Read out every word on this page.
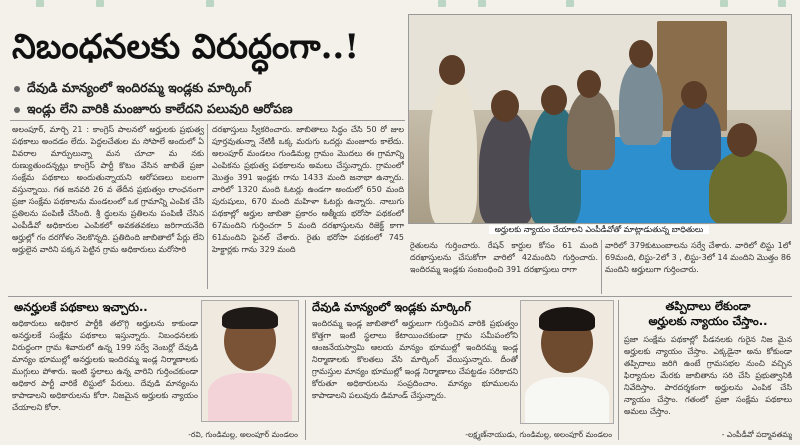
నిబంధనలకు విరుద్ధంగా..!
దేవుడి మాన్యంలో ఇందిరమ్మ ఇండ్లకు మార్కింగ్
ఇండ్లు లేని వారికి మంజూరు కాలేదని పలువురి ఆరోపణ

అలంపూర్, మార్చి 21 : కాంగ్రెస్ పాలనలో అర్హులకు ప్రభుత్వ పథకాలు అందడం లేదు. పెద్దలచేతుల మ సోపాలే అందులో ఏ వివరాల మార్పులున్నా మన చూచా మ నకు రుణ్యుతుందన్నట్లు కాంగ్రెస్ పార్టీ కొటం వేసిన జాబితే ప్రజా సంక్షేమ పథకాలు అందుతున్నాయని ఆరోపణలు బలంగా వస్తున్నాయి. గత జనవరి 26 వ తేదీన ప్రభుత్వం లాంఛనంగా ప్రజా సంక్షేమ పథకాలను మండలంలో ఒక గ్రామాన్ని ఎంపిక చేసి ప్రతిలను పంపిణీ చేసింది. శ్రీ ద్ధులను ప్రతిలను పంపిణీ చేసిన ఎంపీడీవో అధికారుల ఎంపికలో అవకతవకలు జరిగాయనేది అర్హుల్లో గం దరగోళం నెలకొన్నది. ప్రతిదింది జాబితాలో పేర్లు లేని అర్హులైన వారిని పక్కన పెట్టిన గ్రామ అధికారులు మరోసారి

దరఖాస్తులు స్వీకరించారు. జాబితాలు సిద్ధం చేసి 50 రో జుల పూర్తవుతున్నా నేటికీ ఒక్క మరుగు ఒదర్లు మంజూరు కాలేదు. అలంపూర్ మండలం గుండిమల్ల గ్రామం మొదలు ఈ గ్రామాన్ని ఎంపికను ప్రభుత్వ పథకాలను అమలు చేస్తున్నారు. గ్రామంలో మొత్తం 391 ఇండ్లకు గాను 1433 మంది జనాభా ఉన్నారు. వారిలో 1320 మంది ఓటర్లు ఉండగా అందులో 650 మంది పురుషులు, 670 మంది మహిళా ఓటర్లు ఉన్నారు. నాలుగు పథకాల్లో అర్హుల జాబితా ప్రకారం ఆత్మీయ భరోసా పథకంలో 67మందిని గుర్తించగా 5 మంది దరఖాస్తులను రిజెక్ట్ కాగా 61మందిని ఫైనల్ చేశారు. రైతు భరోసా పథకంలో 745 హెక్టార్లకు గాను 329 మంది

అర్హులకు న్యాయం చేయాలని ఎంపీడీవోతో మాట్లాడుతున్న బాధితులు

రైతులను గుర్తించారు. రేషన్ కార్డుల కోసం 61 మంది దరఖాస్తులను చేసుకోగా వారిలో 42మందిని గుర్తించారు. ఇందిరమ్మ ఇండ్లకు సంబంధించి 391 దరఖాస్తులు రాగా

వారిలో 379కుటుంబాలను సర్వే చేశారు. వారిలో లిస్టు 1లో 69మంది, లిస్టు-2లో 3 , లిస్టు-3లో 14 మందిని మొత్తం 86 మందిని అర్హులుగా గుర్తించారు.

అనర్హులకే పథకాలు ఇచ్చారు..

అధికారులు అధికార పార్టీకి తలొగ్గి అర్హులను కాకుండా అనర్హులకే సంక్షేమ పథకాలు ఇస్తున్నారు. నిబంధనలకు విరుద్ధంగా గ్రామ శివారులో ఉన్న 199 సర్వే నెంబర్లో దేవుడి మాన్యం భూముల్లో అనర్హులకు ఇందిరమ్మ ఇండ్ల నిర్మాణాలకు ముగ్గులు పోశారు. ఇంటి స్థలాలు ఉన్న వారిని గుర్తించకుండా అధికార పార్టీ వారికే లిస్టులో పేరులు. దేవుడి మాన్యంను కాపాడాలని అధికారులను కోరా. నిజమైన అర్హులకు న్యాయం చేయాలని కోరా.

-రవి, గుండిమల్ల, అలంపూర్ మండలం
దేవుడి మాన్యంలో ఇండ్లకు మార్కింగ్

ఇందిరమ్మ ఇండ్ల జాబితాలో అర్హులుగా గుర్తించిన వారికి ప్రభుత్వం కొత్తగా ఇంటి స్థలాలు కేటాయించకుండా గ్రామ సమీపంలోని ఆంజనేయస్వామి ఆలయ మాన్యం భూముల్లో ఇందిరమ్మ ఇండ్ల నిర్మాణాలకు కొలతలు వేసి మార్కింగ్ వేయిస్తున్నారు. దీంతో గ్రామస్తుల మాన్యం భూముల్లో ఇండ్ల నిర్మాణాలు చేపట్టడం సరికాదని కోరుతూ అధికారులను సంప్రదించాం. మాన్యం భూములను కాపాడాలని పలువురు డిమాండ్ చేస్తున్నారు.

-లక్ష్మణ్‌నాయుడు, గుండిమల్ల, అలంపూర్ మండలం
తప్పిదాలు లేకుండా
అర్హులకు న్యాయం చేస్తాం..

ప్రజా సంక్షేమ పథకాల్లో పీడనలకు గురైన నిజ మైన అర్హులకు న్యాయం చేస్తాం. ఎక్కడైనా అను కోకుండా తప్పిదాలు జరిగి ఉంటే గ్రామసభల నుంచి వచ్చిన ఫిర్యాదుల మేరకు జాబితాను సరి చేసి ప్రభుత్వానికి నివేదిస్తాం. పారదర్శకంగా అర్హులను ఎంపిక చేసి న్యాయం చేస్తాం. గతంలో ప్రజా సంక్షేమ పథకాలు అమలు చేస్తాం.

- ఎంపీడీవో పద్మావతమ్మ
